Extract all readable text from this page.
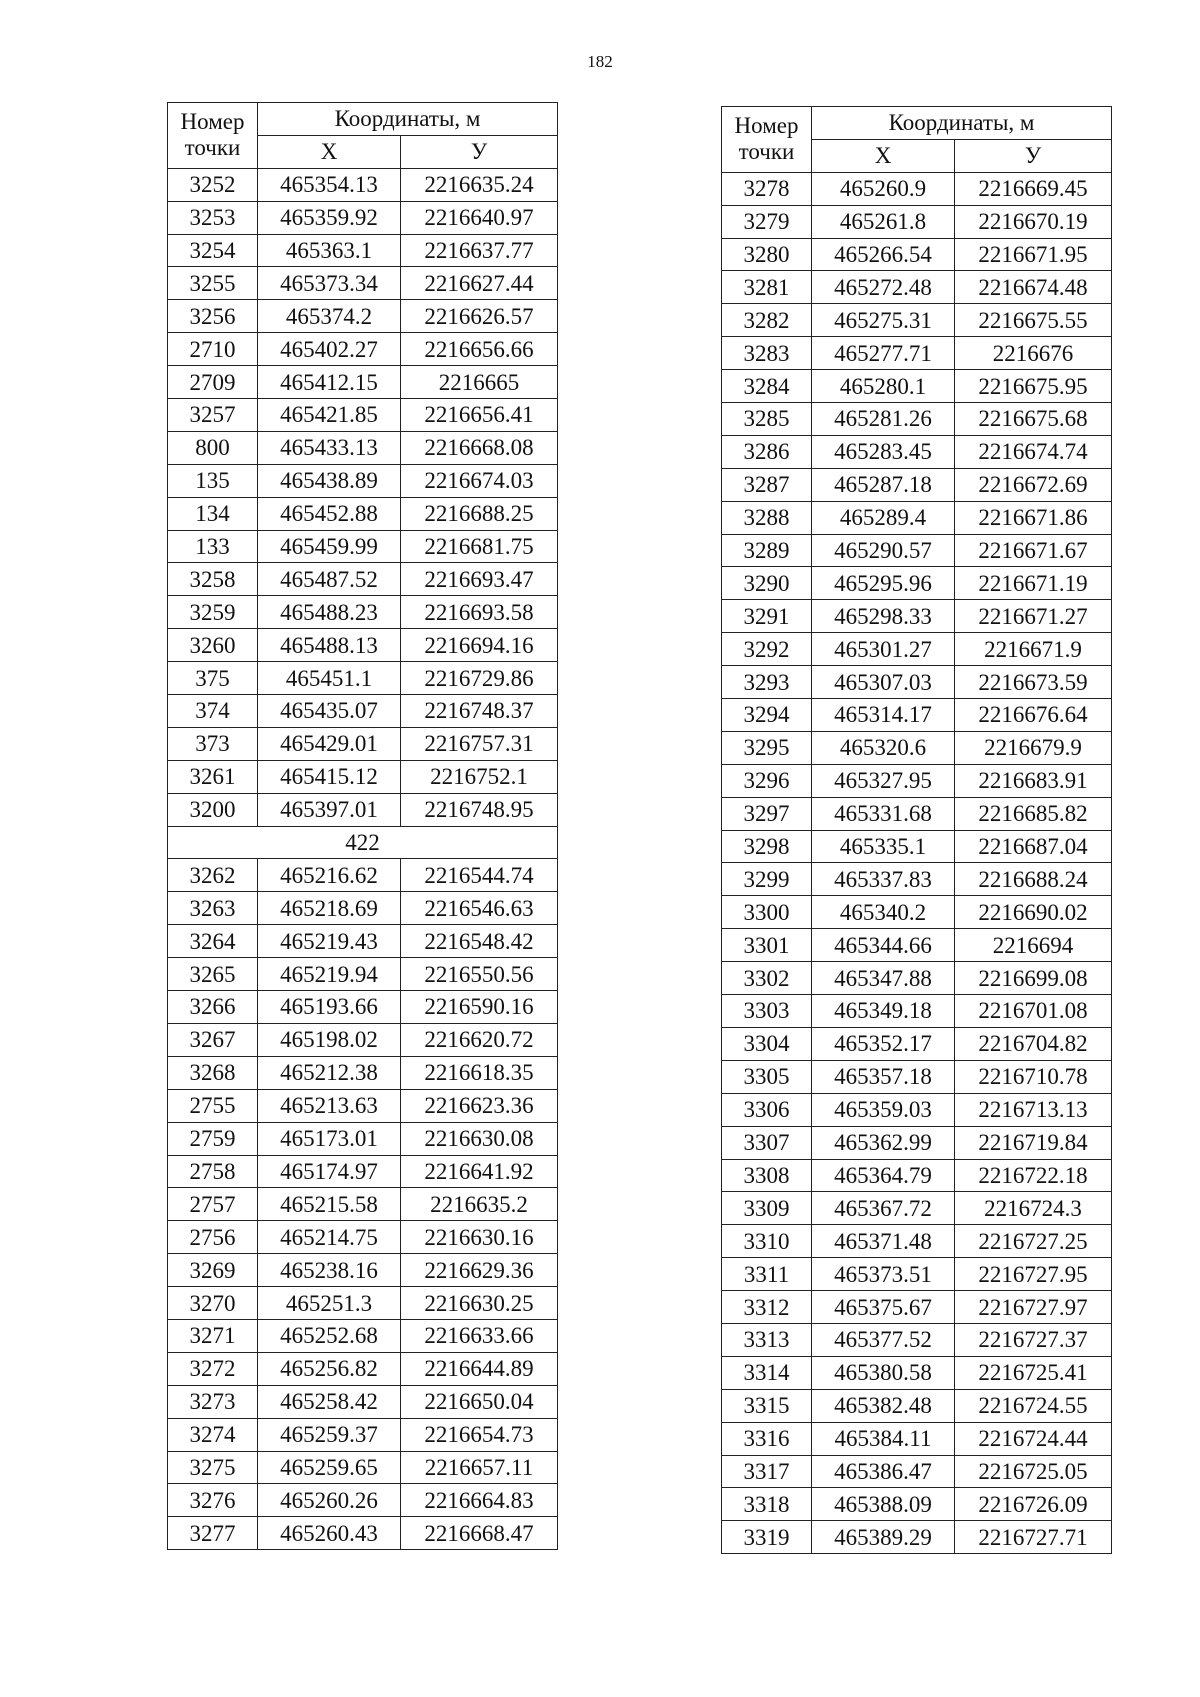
182
Номер точки	Координаты, м	
	Х	У
3252	465354.13	2216635.24
3253	465359.92	2216640.97
3254	465363.1	2216637.77
3255	465373.34	2216627.44
3256	465374.2	2216626.57
2710	465402.27	2216656.66
2709	465412.15	2216665
3257	465421.85	2216656.41
800	465433.13	2216668.08
135	465438.89	2216674.03
134	465452.88	2216688.25
133	465459.99	2216681.75
3258	465487.52	2216693.47
3259	465488.23	2216693.58
3260	465488.13	2216694.16
375	465451.1	2216729.86
374	465435.07	2216748.37
373	465429.01	2216757.31
3261	465415.12	2216752.1
3200	465397.01	2216748.95
422		
3262	465216.62	2216544.74
3263	465218.69	2216546.63
3264	465219.43	2216548.42
3265	465219.94	2216550.56
3266	465193.66	2216590.16
3267	465198.02	2216620.72
3268	465212.38	2216618.35
2755	465213.63	2216623.36
2759	465173.01	2216630.08
2758	465174.97	2216641.92
2757	465215.58	2216635.2
2756	465214.75	2216630.16
3269	465238.16	2216629.36
3270	465251.3	2216630.25
3271	465252.68	2216633.66
3272	465256.82	2216644.89
3273	465258.42	2216650.04
3274	465259.37	2216654.73
3275	465259.65	2216657.11
3276	465260.26	2216664.83
3277	465260.43	2216668.47
Номер точки	Координаты, м	
	Х	У
3278	465260.9	2216669.45
3279	465261.8	2216670.19
3280	465266.54	2216671.95
3281	465272.48	2216674.48
3282	465275.31	2216675.55
3283	465277.71	2216676
3284	465280.1	2216675.95
3285	465281.26	2216675.68
3286	465283.45	2216674.74
3287	465287.18	2216672.69
3288	465289.4	2216671.86
3289	465290.57	2216671.67
3290	465295.96	2216671.19
3291	465298.33	2216671.27
3292	465301.27	2216671.9
3293	465307.03	2216673.59
3294	465314.17	2216676.64
3295	465320.6	2216679.9
3296	465327.95	2216683.91
3297	465331.68	2216685.82
3298	465335.1	2216687.04
3299	465337.83	2216688.24
3300	465340.2	2216690.02
3301	465344.66	2216694
3302	465347.88	2216699.08
3303	465349.18	2216701.08
3304	465352.17	2216704.82
3305	465357.18	2216710.78
3306	465359.03	2216713.13
3307	465362.99	2216719.84
3308	465364.79	2216722.18
3309	465367.72	2216724.3
3310	465371.48	2216727.25
3311	465373.51	2216727.95
3312	465375.67	2216727.97
3313	465377.52	2216727.37
3314	465380.58	2216725.41
3315	465382.48	2216724.55
3316	465384.11	2216724.44
3317	465386.47	2216725.05
3318	465388.09	2216726.09
3319	465389.29	2216727.71
